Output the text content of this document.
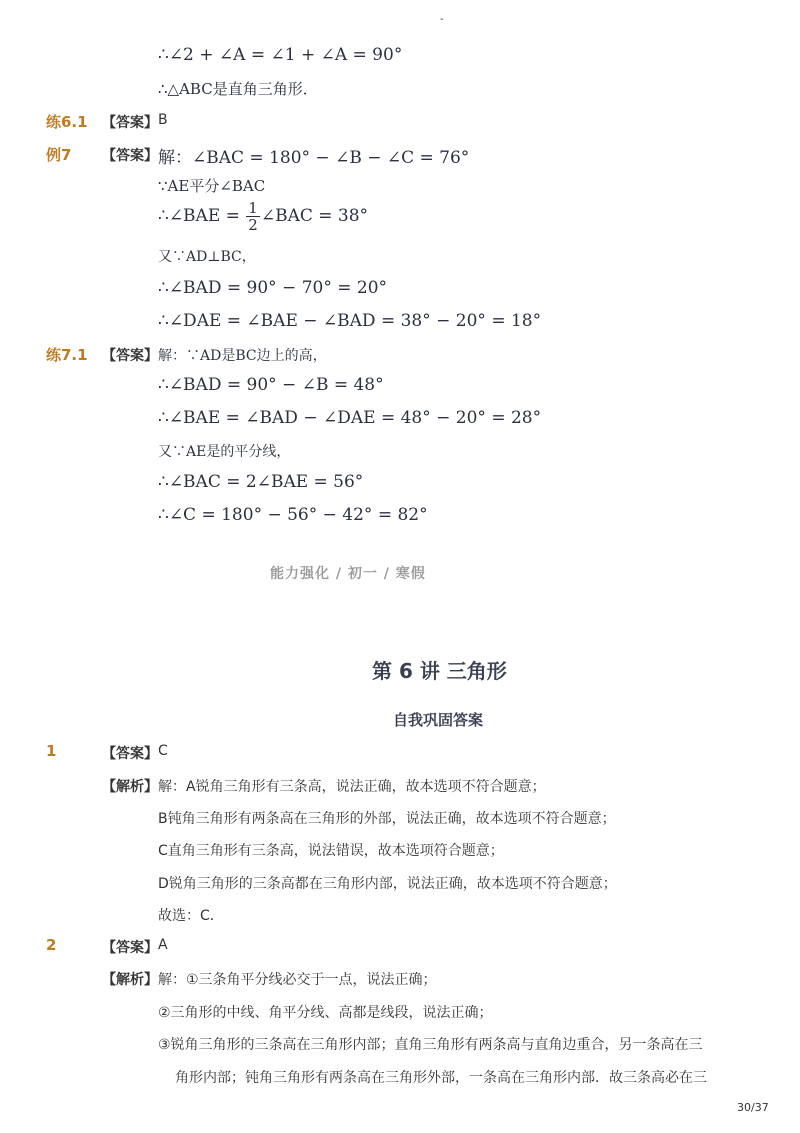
-
∴∠2 + ∠A = ∠1 + ∠A = 90°
∴△ABC是直角三角形．
练6.1 【答案】 B
例7 【答案】 解：∠BAC = 180° − ∠B − ∠C = 76°
∵AE平分∠BAC
∴∠BAE = $\frac{1}{2}$ ∠BAC = 38°
又∵AD⊥BC，
∴∠BAD = 90° − 70° = 20°
∴∠DAE = ∠BAE − ∠BAD = 38° − 20° = 18°
练7.1 【答案】 解：∵AD是BC边上的高，
∴∠BAD = 90° − ∠B = 48°
∴∠BAE = ∠BAD − ∠DAE = 48° − 20° = 28°
又∵AE是的平分线，
∴∠BAC = 2∠BAE = 56°
∴∠C = 180° − 56° − 42° = 82°
能力强化 / 初一 / 寒假
第 6 讲 三角形
自我巩固答案
1	【答案】 C
【解析】 解：A锐角三角形有三条高，说法正确，故本选项不符合题意；
B钝角三角形有两条高在三角形的外部，说法正确，故本选项不符合题意；
C直角三角形有三条高，说法错误，故本选项符合题意；
D锐角三角形的三条高都在三角形内部，说法正确，故本选项不符合题意；
故选：C．
2	【答案】 A
【解析】 解：①三条角平分线必交于一点，说法正确；
②三角形的中线、角平分线、高都是线段，说法正确；
③锐角三角形的三条高在三角形内部；直角三角形有两条高与直角边重合，另一条高在三
角形内部；钝角三角形有两条高在三角形外部，一条高在三角形内部．故三条高必在三
30/37
